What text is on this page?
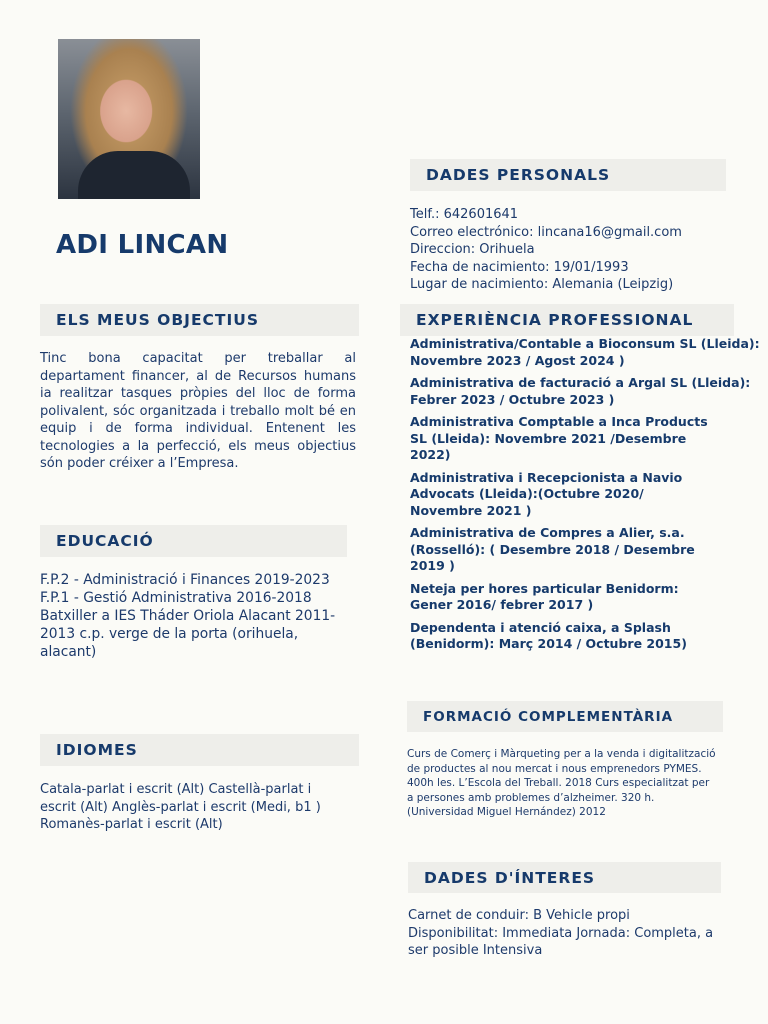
ADI LINCAN
ELS MEUS OBJECTIUS
Tinc bona capacitat per treballar al departament financer, al de Recursos humans ia realitzar tasques pròpies del lloc de forma polivalent, sóc organitzada i treballo molt bé en equip i de forma individual. Entenent les tecnologies a la perfecció, els meus objectius són poder créixer a l’Empresa.
EDUCACIÓ
F.P.2 - Administració i Finances 2019-2023 F.P.1 - Gestió Administrativa 2016-2018 Batxiller a IES Tháder Oriola Alacant 2011-2013 c.p. verge de la porta (orihuela, alacant)
IDIOMES
Catala-parlat i escrit (Alt) Castellà-parlat i escrit (Alt) Anglès-parlat i escrit (Medi, b1 ) Romanès-parlat i escrit (Alt)
DADES PERSONALS
Telf.: 642601641
Correo electrónico: lincana16@gmail.com
Direccion: Orihuela
Fecha de nacimiento: 19/01/1993
Lugar de nacimiento: Alemania (Leipzig)
EXPERIÈNCIA PROFESSIONAL
Administrativa/Contable a Bioconsum SL (Lleida): Novembre 2023 / Agost 2024 )
Administrativa de facturació a Argal SL (Lleida): Febrer 2023 / Octubre 2023 )
Administrativa Comptable a Inca Products SL (Lleida): Novembre 2021 /Desembre 2022)
Administrativa i Recepcionista a Navio Advocats (Lleida):(Octubre 2020/ Novembre 2021 )
Administrativa de Compres a Alier, s.a. (Rosselló): ( Desembre 2018 / Desembre 2019 )
Neteja per hores particular Benidorm: Gener 2016/ febrer 2017 )
Dependenta i atenció caixa, a Splash (Benidorm): Març 2014 / Octubre 2015)
FORMACIÓ COMPLEMENTÀRIA
Curs de Comerç i Màrqueting per a la venda i digitalització de productes al nou mercat i nous emprenedors PYMES. 400h les. L’Escola del Treball. 2018 Curs especialitzat per a persones amb problemes d’alzheimer. 320 h.(Universidad Miguel Hernández) 2012
DADES D'ÍNTERES
Carnet de conduir: B Vehicle propi Disponibilitat: Immediata Jornada: Completa, a ser posible Intensiva
